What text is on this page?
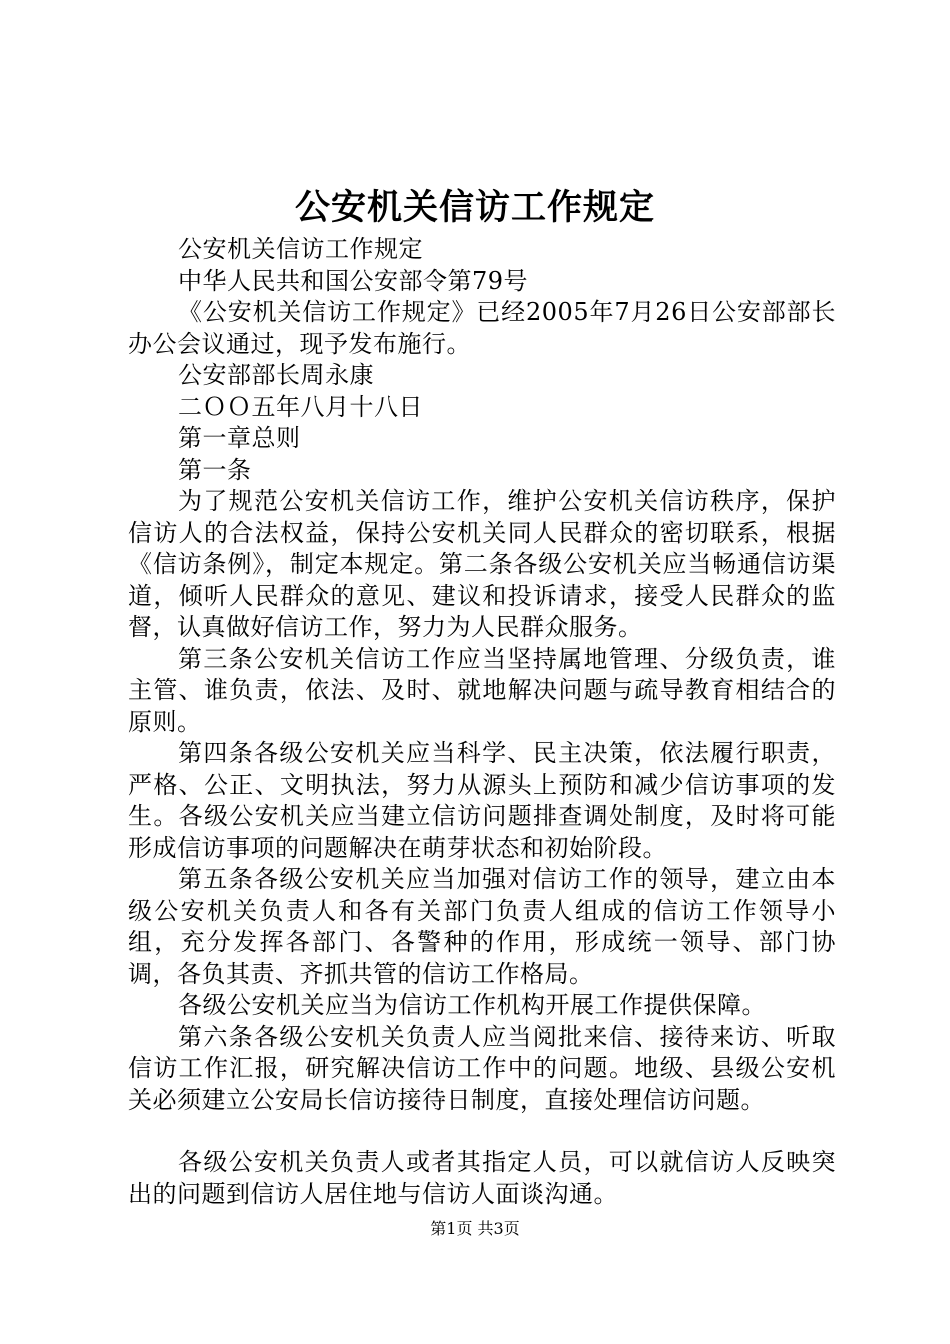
公安机关信访工作规定

公安机关信访工作规定

中华人民共和国公安部令第79号

《公安机关信访工作规定》已经2005年7月26日公安部部长办公会议通过，现予发布施行。

公安部部长周永康

二ＯＯ五年八月十八日

第一章总则

第一条

为了规范公安机关信访工作，维护公安机关信访秩序，保护信访人的合法权益，保持公安机关同人民群众的密切联系，根据《信访条例》，制定本规定。第二条各级公安机关应当畅通信访渠道，倾听人民群众的意见、建议和投诉请求，接受人民群众的监督，认真做好信访工作，努力为人民群众服务。

第三条公安机关信访工作应当坚持属地管理、分级负责，谁主管、谁负责，依法、及时、就地解决问题与疏导教育相结合的原则。

第四条各级公安机关应当科学、民主决策，依法履行职责，严格、公正、文明执法，努力从源头上预防和减少信访事项的发生。各级公安机关应当建立信访问题排查调处制度，及时将可能形成信访事项的问题解决在萌芽状态和初始阶段。

第五条各级公安机关应当加强对信访工作的领导，建立由本级公安机关负责人和各有关部门负责人组成的信访工作领导小组，充分发挥各部门、各警种的作用，形成统一领导、部门协调，各负其责、齐抓共管的信访工作格局。

各级公安机关应当为信访工作机构开展工作提供保障。

第六条各级公安机关负责人应当阅批来信、接待来访、听取信访工作汇报，研究解决信访工作中的问题。地级、县级公安机关必须建立公安局长信访接待日制度，直接处理信访问题。

各级公安机关负责人或者其指定人员，可以就信访人反映突出的问题到信访人居住地与信访人面谈沟通。

第1页 共3页
